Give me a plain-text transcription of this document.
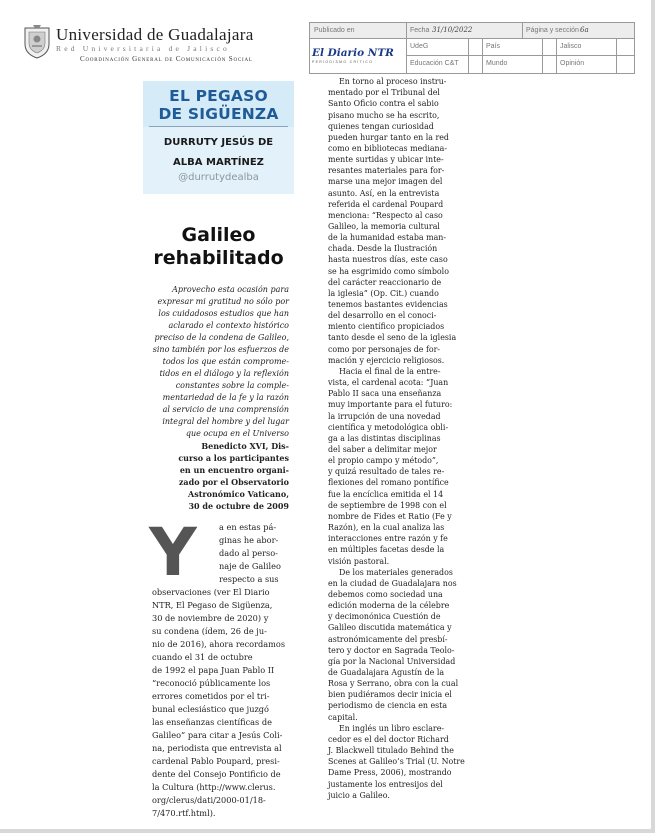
Universidad de Guadalajara
Red Universitaria de Jalisco
Coordinación General de Comunicación Social
Publicado en	Fecha 31/10/2022	Página y sección 6a
El Diario NTR
PERIODISMO CRÍTICO
UdeG	País	Jalisco
Educación C&T	Mundo	Opinión
EL PEGASO
DE SIGÜENZA
DURRUTY JESÚS DE
ALBA MARTÍNEZ
@durrutydealba
Galileo
rehabilitado
Aprovecho esta ocasión para
expresar mi gratitud no sólo por
los cuidadosos estudios que han
aclarado el contexto histórico
preciso de la condena de Galileo,
sino también por los esfuerzos de
todos los que están comprome-
tidos en el diálogo y la reflexión
constantes sobre la comple-
mentariedad de la fe y la razón
al servicio de una comprensión
integral del hombre y del lugar
que ocupa en el Universo
Benedicto XVI, Dis-
curso a los participantes
en un encuentro organi-
zado por el Observatorio
Astronómico Vaticano,
30 de octubre de 2009
Y	a en estas pá-
ginas he abor-
dado al perso-
naje de Galileo
respecto a sus
observaciones (ver El Diario
NTR, El Pegaso de Sigüenza,
30 de noviembre de 2020) y
su condena (ídem, 26 de ju-
nio de 2016), ahora recordamos
cuando el 31 de octubre
de 1992 el papa Juan Pablo II
“reconoció públicamente los
errores cometidos por el tri-
bunal eclesiástico que juzgó
las enseñanzas científicas de
Galileo” para citar a Jesús Coli-
na, periodista que entrevista al
cardenal Pablo Poupard, presi-
dente del Consejo Pontificio de
la Cultura (http://www.clerus.
org/clerus/dati/2000-01/18-
7/470.rtf.html).
En torno al proceso instru-
mentado por el Tribunal del
Santo Oficio contra el sabio
pisano mucho se ha escrito,
quienes tengan curiosidad
pueden hurgar tanto en la red
como en bibliotecas mediana-
mente surtidas y ubicar inte-
resantes materiales para for-
marse una mejor imagen del
asunto. Así, en la entrevista
referida el cardenal Poupard
menciona: “Respecto al caso
Galileo, la memoria cultural
de la humanidad estaba man-
chada. Desde la Ilustración
hasta nuestros días, este caso
se ha esgrimido como símbolo
del carácter reaccionario de
la iglesia” (Op. Cit.) cuando
tenemos bastantes evidencias
del desarrollo en el conoci-
miento científico propiciados
tanto desde el seno de la iglesia
como por personajes de for-
mación y ejercicio religiosos.
Hacia el final de la entre-
vista, el cardenal acota: “Juan
Pablo II saca una enseñanza
muy importante para el futuro:
la irrupción de una novedad
científica y metodológica obli-
ga a las distintas disciplinas
del saber a delimitar mejor
el propio campo y método”,
y quizá resultado de tales re-
flexiones del romano pontífice
fue la encíclica emitida el 14
de septiembre de 1998 con el
nombre de Fides et Ratio (Fe y
Razón), en la cual analiza las
interacciones entre razón y fe
en múltiples facetas desde la
visión pastoral.
De los materiales generados
en la ciudad de Guadalajara nos
debemos como sociedad una
edición moderna de la célebre
y decimonónica Cuestión de
Galileo discutida matemática y
astronómicamente del presbí-
tero y doctor en Sagrada Teolo-
gía por la Nacional Universidad
de Guadalajara Agustín de la
Rosa y Serrano, obra con la cual
bien pudiéramos decir inicia el
periodismo de ciencia en esta
capital.
En inglés un libro esclare-
cedor es el del doctor Richard
J. Blackwell titulado Behind the
Scenes at Galileo’s Trial (U. Notre
Dame Press, 2006), mostrando
justamente los entresijos del
juicio a Galileo.
